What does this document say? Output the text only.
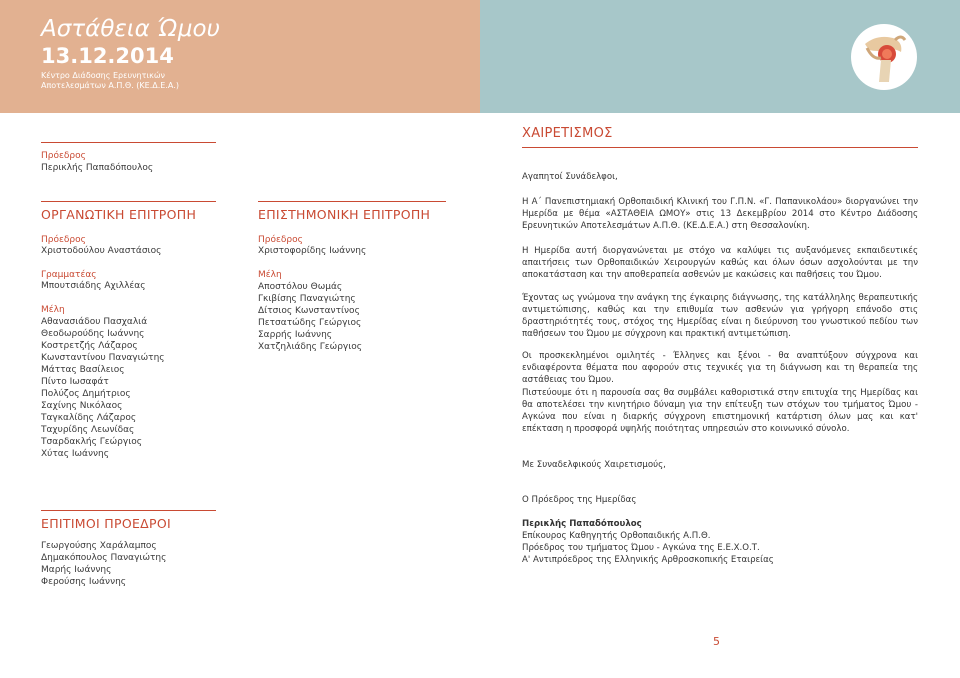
Αστάθεια Ώμου
13.12.2014
Κέντρο Διάδοσης Ερευνητικών
Αποτελεσμάτων Α.Π.Θ. (ΚΕ.Δ.Ε.Α.)
Πρόεδρος
Περικλής Παπαδόπουλος
ΟΡΓΑΝΩΤΙΚΗ ΕΠΙΤΡΟΠΗ
Πρόεδρος
Χριστοδούλου Αναστάσιος
Γραμματέας
Μπουτσιάδης Αχιλλέας
Μέλη
Αθανασιάδου Πασχαλιά
Θεοδωρούδης Ιωάννης
Κοστρετζής Λάζαρος
Κωνσταντίνου Παναγιώτης
Μάττας Βασίλειος
Πίντο Ιωσαφάτ
Πολύζος Δημήτριος
Σαχίνης Νικόλαος
Ταγκαλίδης Λάζαρος
Ταχυρίδης Λεωνίδας
Τσαρδακλής Γεώργιος
Χύτας Ιωάννης
ΕΠΙΣΤΗΜΟΝΙΚΗ ΕΠΙΤΡΟΠΗ
Πρόεδρος
Χριστοφορίδης Ιωάννης
Μέλη
Αποστόλου Θωμάς
Γκιβίσης Παναγιώτης
Δίτσιος Κωνσταντίνος
Πετσατώδης Γεώργιος
Σαρρής Ιωάννης
Χατζηλιάδης Γεώργιος
ΕΠΙΤΙΜΟΙ ΠΡΟΕΔΡΟΙ
Γεωργούσης Χαράλαμπος
Δημακόπουλος Παναγιώτης
Μαρής Ιωάννης
Φερούσης Ιωάννης
ΧΑΙΡΕΤΙΣΜΟΣ
Αγαπητοί Συνάδελφοι,
Η Α΄ Πανεπιστημιακή Ορθοπαιδική Κλινική του Γ.Π.Ν. «Γ. Παπανικολάου» διοργανώνει την Ημερίδα με θέμα «ΑΣΤΑΘΕΙΑ ΩΜΟΥ» στις 13 Δεκεμβρίου 2014 στο Κέντρο Διάδοσης Ερευνητικών Αποτελεσμάτων Α.Π.Θ. (ΚΕ.Δ.Ε.Α.) στη Θεσσαλονίκη.
Η Ημερίδα αυτή διοργανώνεται με στόχο να καλύψει τις αυξανόμενες εκπαιδευτικές απαιτήσεις των Ορθοπαιδικών Χειρουργών καθώς και όλων όσων ασχολούνται με την αποκατάσταση και την αποθεραπεία ασθενών με κακώσεις και παθήσεις του Ώμου.
Έχοντας ως γνώμονα την ανάγκη της έγκαιρης διάγνωσης, της κατάλληλης θεραπευτικής αντιμετώπισης, καθώς και την επιθυμία των ασθενών για γρήγορη επάνοδο στις δραστηριότητές τους, στόχος της Ημερίδας είναι η διεύρυνση του γνωστικού πεδίου των παθήσεων του Ώμου με σύγχρονη και πρακτική αντιμετώπιση.
Οι προσκεκλημένοι ομιλητές - Έλληνες και ξένοι - θα αναπτύξουν σύγχρονα και ενδιαφέροντα θέματα που αφορούν στις τεχνικές για τη διάγνωση και τη θεραπεία της αστάθειας του Ώμου.
Πιστεύουμε ότι η παρουσία σας θα συμβάλει καθοριστικά στην επιτυχία της Ημερίδας και θα αποτελέσει την κινητήριο δύναμη για την επίτευξη των στόχων του τμήματος Ώμου - Αγκώνα που είναι η διαρκής σύγχρονη επιστημονική κατάρτιση όλων μας και κατ' επέκταση η προσφορά υψηλής ποιότητας υπηρεσιών στο κοινωνικό σύνολο.
Με Συναδελφικούς Χαιρετισμούς,
Ο Πρόεδρος της Ημερίδας
Περικλής Παπαδόπουλος
Επίκουρος Καθηγητής Ορθοπαιδικής Α.Π.Θ.
Πρόεδρος του τμήματος Ώμου - Αγκώνα της Ε.Ε.Χ.Ο.Τ.
Α' Αντιπρόεδρος της Ελληνικής Αρθροσκοπικής Εταιρείας
5
